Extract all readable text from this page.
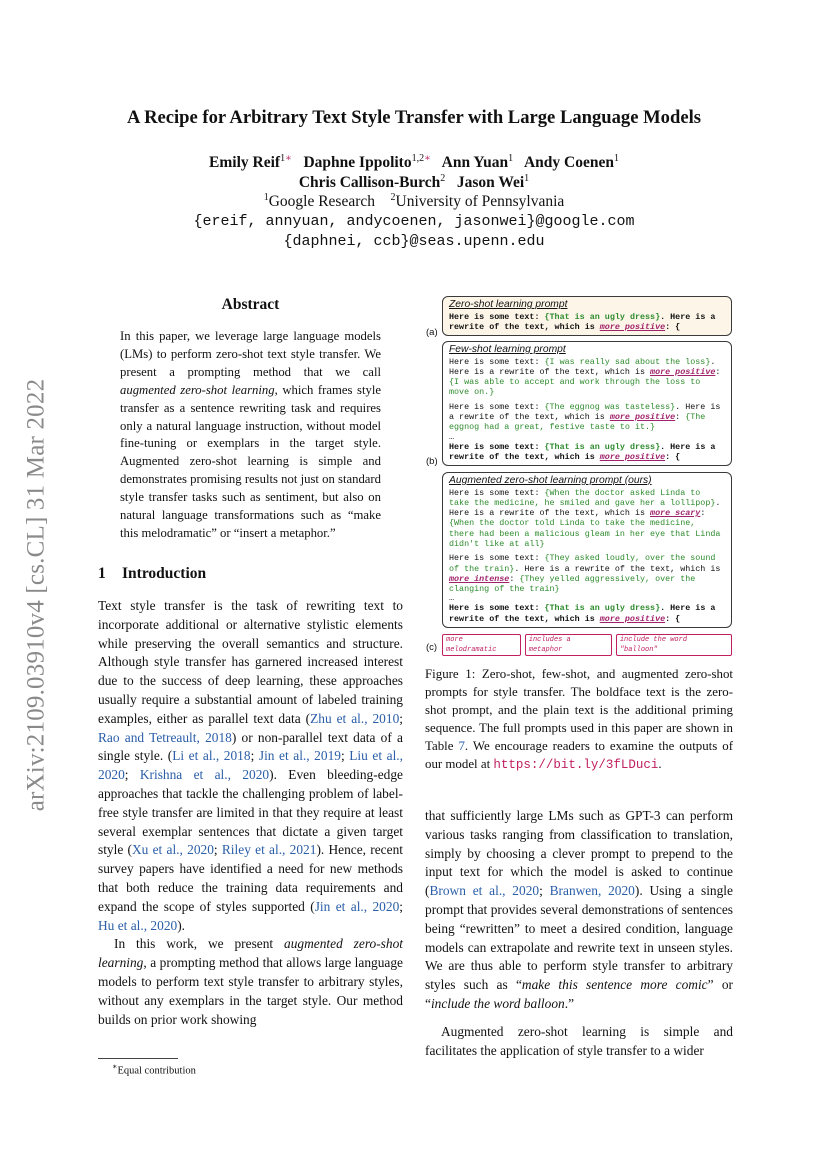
arXiv:2109.03910v4 [cs.CL] 31 Mar 2022
A Recipe for Arbitrary Text Style Transfer with Large Language Models
Emily Reif$^{1∗}$ Daphne Ippolito$^{1,2∗}$ Ann Yuan$^1$ Andy Coenen$^1$
Chris Callison-Burch$^2$ Jason Wei$^1$
$^1$Google Research $^2$University of Pennsylvania
{ereif, annyuan, andycoenen, jasonwei}@google.com
{daphnei, ccb}@seas.upenn.edu
Abstract
In this paper, we leverage large language models (LMs) to perform zero-shot text style transfer. We present a prompting method that we call augmented zero-shot learning, which frames style transfer as a sentence rewriting task and requires only a natural language instruction, without model fine-tuning or exemplars in the target style. Augmented zero-shot learning is simple and demonstrates promising results not just on standard style transfer tasks such as sentiment, but also on natural language transformations such as “make this melodramatic” or “insert a metaphor.”
1 Introduction

Text style transfer is the task of rewriting text to incorporate additional or alternative stylistic elements while preserving the overall semantics and structure. Although style transfer has garnered increased interest due to the success of deep learning, these approaches usually require a substantial amount of labeled training examples, either as parallel text data (Zhu et al., 2010; Rao and Tetreault, 2018) or non-parallel text data of a single style. (Li et al., 2018; Jin et al., 2019; Liu et al., 2020; Krishna et al., 2020). Even bleeding-edge approaches that tackle the challenging problem of label-free style transfer are limited in that they require at least several exemplar sentences that dictate a given target style (Xu et al., 2020; Riley et al., 2021). Hence, recent survey papers have identified a need for new methods that both reduce the training data requirements and expand the scope of styles supported (Jin et al., 2020; Hu et al., 2020).

In this work, we present augmented zero-shot learning, a prompting method that allows large language models to perform text style transfer to arbitrary styles, without any exemplars in the target style. Our method builds on prior work showing

∗Equal contribution
Zero-shot learning prompt
Here is some text: {That is an ugly dress}. Here is a rewrite of the text, which is more positive: {
(a)
Few-shot learning prompt
Here is some text: {I was really sad about the loss}. Here is a rewrite of the text, which is more positive: {I was able to accept and work through the loss to move on.}
Here is some text: {The eggnog was tasteless}. Here is a rewrite of the text, which is more positive: {The eggnog had a great, festive taste to it.}
…
Here is some text: {That is an ugly dress}. Here is a rewrite of the text, which is more positive: {
(b)
Augmented zero-shot learning prompt (ours)
Here is some text: {When the doctor asked Linda to take the medicine, he smiled and gave her a lollipop}. Here is a rewrite of the text, which is more scary: {When the doctor told Linda to take the medicine, there had been a malicious gleam in her eye that Linda didn't like at all}
Here is some text: {They asked loudly, over the sound of the train}. Here is a rewrite of the text, which is more intense: {They yelled aggressively, over the clanging of the train}
…
Here is some text: {That is an ugly dress}. Here is a rewrite of the text, which is more positive: {
more melodramatic
includes a metaphor
include the word "balloon"
(c)
Figure 1: Zero-shot, few-shot, and augmented zero-shot prompts for style transfer. The boldface text is the zero-shot prompt, and the plain text is the additional priming sequence. The full prompts used in this paper are shown in Table 7. We encourage readers to examine the outputs of our model at https://bit.ly/3fLDuci.

that sufficiently large LMs such as GPT-3 can perform various tasks ranging from classification to translation, simply by choosing a clever prompt to prepend to the input text for which the model is asked to continue (Brown et al., 2020; Branwen, 2020). Using a single prompt that provides several demonstrations of sentences being “rewritten” to meet a desired condition, language models can extrapolate and rewrite text in unseen styles. We are thus able to perform style transfer to arbitrary styles such as “make this sentence more comic” or “include the word balloon.”

Augmented zero-shot learning is simple and facilitates the application of style transfer to a wider
